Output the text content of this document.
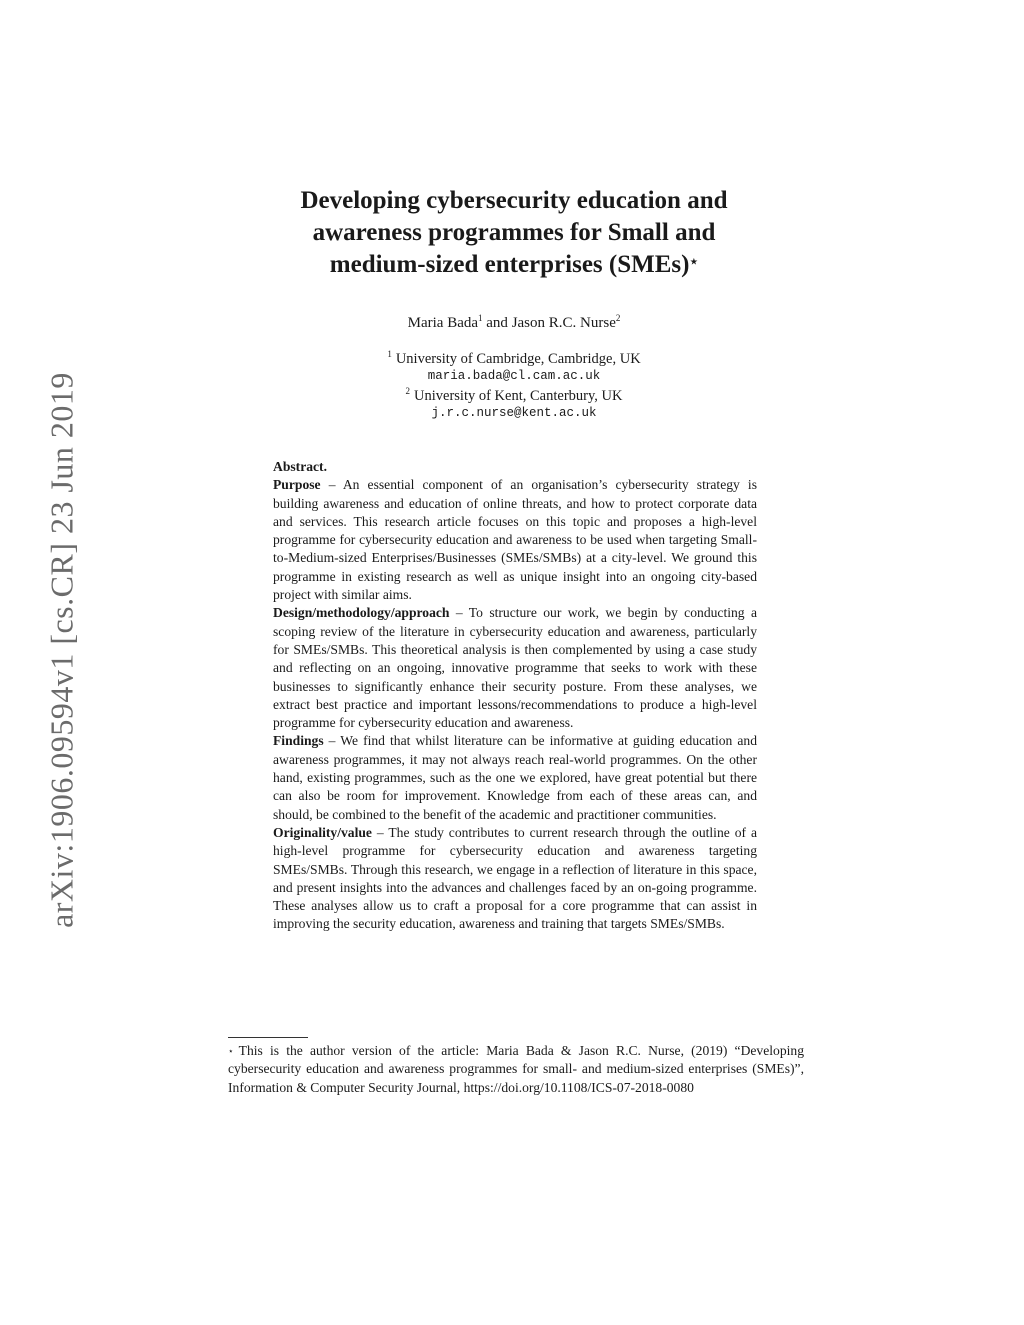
arXiv:1906.09594v1 [cs.CR] 23 Jun 2019
Developing cybersecurity education and
awareness programmes for Small and
medium-sized enterprises (SMEs)⋆
Maria Bada$^1$ and Jason R.C. Nurse$^2$
$^1$ University of Cambridge, Cambridge, UK
maria.bada@cl.cam.ac.uk
$^2$ University of Kent, Canterbury, UK
j.r.c.nurse@kent.ac.uk

Abstract.

Purpose – An essential component of an organisation’s cybersecurity strategy is building awareness and education of online threats, and how to protect corporate data and services. This research article focuses on this topic and proposes a high-level programme for cybersecurity education and awareness to be used when targeting Small-to-Medium-sized Enterprises/Businesses (SMEs/SMBs) at a city-level. We ground this programme in existing research as well as unique insight into an ongoing city-based project with similar aims.

Design/methodology/approach – To structure our work, we begin by conducting a scoping review of the literature in cybersecurity education and awareness, particularly for SMEs/SMBs. This theoretical analysis is then complemented by using a case study and reflecting on an ongoing, innovative programme that seeks to work with these businesses to significantly enhance their security posture. From these analyses, we extract best practice and important lessons/recommendations to produce a high-level programme for cybersecurity education and awareness.

Findings – We find that whilst literature can be informative at guiding education and awareness programmes, it may not always reach real-world programmes. On the other hand, existing programmes, such as the one we explored, have great potential but there can also be room for improvement. Knowledge from each of these areas can, and should, be combined to the benefit of the academic and practitioner communities.

Originality/value – The study contributes to current research through the outline of a high-level programme for cybersecurity education and awareness targeting SMEs/SMBs. Through this research, we engage in a reflection of literature in this space, and present insights into the advances and challenges faced by an on-going programme. These analyses allow us to craft a proposal for a core programme that can assist in improving the security education, awareness and training that targets SMEs/SMBs.

⋆ This is the author version of the article: Maria Bada & Jason R.C. Nurse, (2019) “Developing cybersecurity education and awareness programmes for small- and medium-sized enterprises (SMEs)”, Information & Computer Security Journal, https://doi.org/10.1108/ICS-07-2018-0080
